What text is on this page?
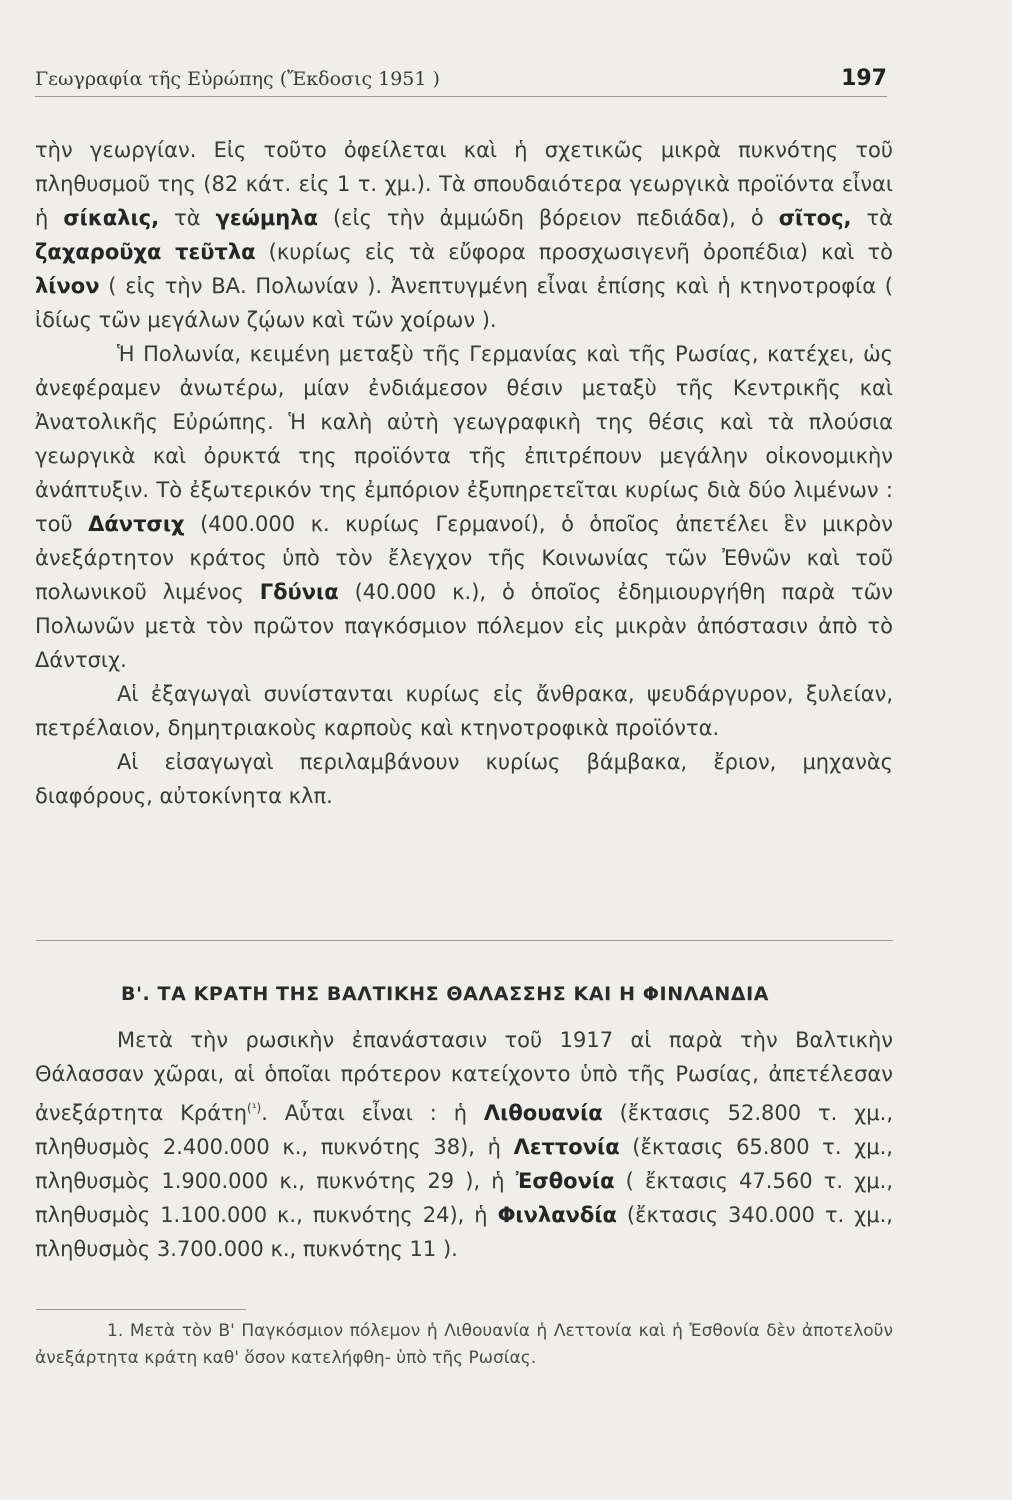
Γεωγραφία τῆς Εὐρώπης (Ἔκδοσις 1951 )	197

τὴν γεωργίαν. Εἰς τοῦτο ὀφείλεται καὶ ἡ σχετικῶς μικρὰ πυκνότης τοῦ πληθυσμοῦ της (82 κάτ. εἰς 1 τ. χμ.). Τὰ σπουδαιότερα γεωργικὰ προϊόντα εἶναι ἡ σίκαλις, τὰ γεώμηλα (εἰς τὴν ἀμμώδη βόρειον πεδιάδα), ὁ σῖτος, τὰ ζαχαροῦχα τεῦτλα (κυρίως εἰς τὰ εὔφορα προσχωσιγενῆ ὀροπέδια) καὶ τὸ λίνον ( εἰς τὴν ΒΑ. Πολωνίαν ). Ἀνεπτυγμένη εἶναι ἐπίσης καὶ ἡ κτηνοτροφία ( ἰδίως τῶν μεγάλων ζῴων καὶ τῶν χοίρων ).

Ἡ Πολωνία, κειμένη μεταξὺ τῆς Γερμανίας καὶ τῆς Ρωσίας, κατέχει, ὡς ἀνεφέραμεν ἀνωτέρω, μίαν ἐνδιάμεσον θέσιν μεταξὺ τῆς Κεντρικῆς καὶ Ἀνατολικῆς Εὐρώπης. Ἡ καλὴ αὐτὴ γεωγραφικὴ της θέσις καὶ τὰ πλούσια γεωργικὰ καὶ ὀρυκτά της προϊόντα τῆς ἐπιτρέπουν μεγάλην οἰκονομικὴν ἀνάπτυξιν. Τὸ ἐξωτερικόν της ἐμπόριον ἐξυπηρετεῖται κυρίως διὰ δύο λιμένων : τοῦ Δάντσιχ (400.000 κ. κυρίως Γερμανοί), ὁ ὁποῖος ἀπετέλει ἓν μικρὸν ἀνεξάρτητον κράτος ὑπὸ τὸν ἔλεγχον τῆς Κοινωνίας τῶν Ἐθνῶν καὶ τοῦ πολωνικοῦ λιμένος Γδύνια (40.000 κ.), ὁ ὁποῖος ἐδημιουργήθη παρὰ τῶν Πολωνῶν μετὰ τὸν πρῶτον παγκόσμιον πόλεμον εἰς μικρὰν ἀπόστασιν ἀπὸ τὸ Δάντσιχ.

Αἱ ἐξαγωγαὶ συνίστανται κυρίως εἰς ἄνθρακα, ψευδάργυρον, ξυλείαν, πετρέλαιον, δημητριακοὺς καρποὺς καὶ κτηνοτροφικὰ προϊόντα.

Αἱ εἰσαγωγαὶ περιλαμβάνουν κυρίως βάμβακα, ἔριον, μηχανὰς διαφόρους, αὐτοκίνητα κλπ.

Β'. ΤΑ ΚΡΑΤΗ ΤΗΣ ΒΑΛΤΙΚΗΣ ΘΑΛΑΣΣΗΣ ΚΑΙ Η ΦΙΝΛΑΝΔΙΑ

Μετὰ τὴν ρωσικὴν ἐπανάστασιν τοῦ 1917 αἱ παρὰ τὴν Βαλτικὴν Θάλασσαν χῶραι, αἱ ὁποῖαι πρότερον κατείχοντο ὑπὸ τῆς Ρωσίας, ἀπετέλεσαν ἀνεξάρτητα Κράτη$^{(^1)}$. Αὗται εἶναι : ἡ Λιθουανία (ἔκτασις 52.800 τ. χμ., πληθυσμὸς 2.400.000 κ., πυκνότης 38), ἡ Λεττονία (ἔκτασις 65.800 τ. χμ., πληθυσμὸς 1.900.000 κ., πυκνότης 29 ), ἡ Ἐσθονία ( ἔκτασις 47.560 τ. χμ., πληθυσμὸς 1.100.000 κ., πυκνότης 24), ἡ Φινλανδία (ἔκτασις 340.000 τ. χμ., πληθυσμὸς 3.700.000 κ., πυκνότης 11 ).

1. Μετὰ τὸν Β' Παγκόσμιον πόλεμον ἡ Λιθουανία ἡ Λεττονία καὶ ἡ Ἐσθονία δὲν ἀποτελοῦν ἀνεξάρτητα κράτη καθ' ὅσον κατελήφθη- ὑπὸ τῆς Ρωσίας.
